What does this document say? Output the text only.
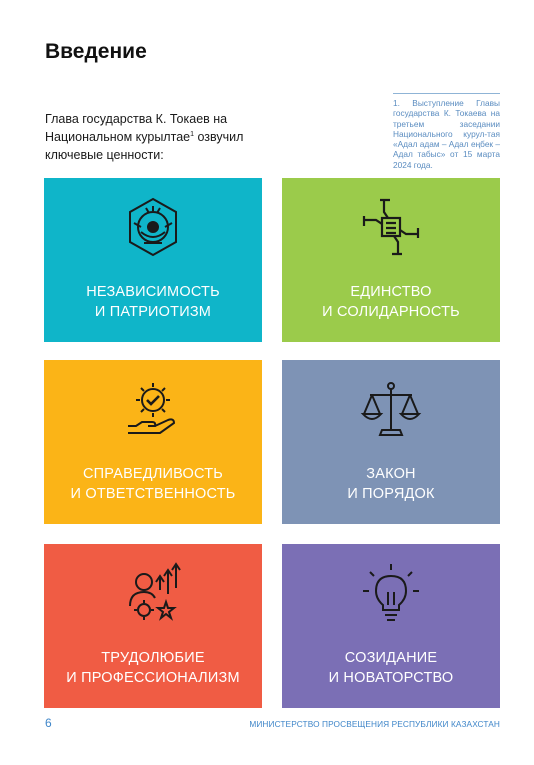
Введение
Глава государства К. Токаев на Национальном курылтае$^1$ озвучил ключевые ценности:
1. Выступление Главы государства К. Токаева на третьем заседании Национального курул-тая «Адал адам – Адал еңбек – Адал табыс» от 15 марта 2024 года.
НЕЗАВИСИМОСТЬ
И ПАТРИОТИЗМ
ЕДИНСТВО
И СОЛИДАРНОСТЬ
СПРАВЕДЛИВОСТЬ
И ОТВЕТСТВЕННОСТЬ
ЗАКОН
И ПОРЯДОК
ТРУДОЛЮБИЕ
И ПРОФЕССИОНАЛИЗМ
СОЗИДАНИЕ
И НОВАТОРСТВО
6	МИНИСТЕРСТВО ПРОСВЕЩЕНИЯ РЕСПУБЛИКИ КАЗАХСТАН
